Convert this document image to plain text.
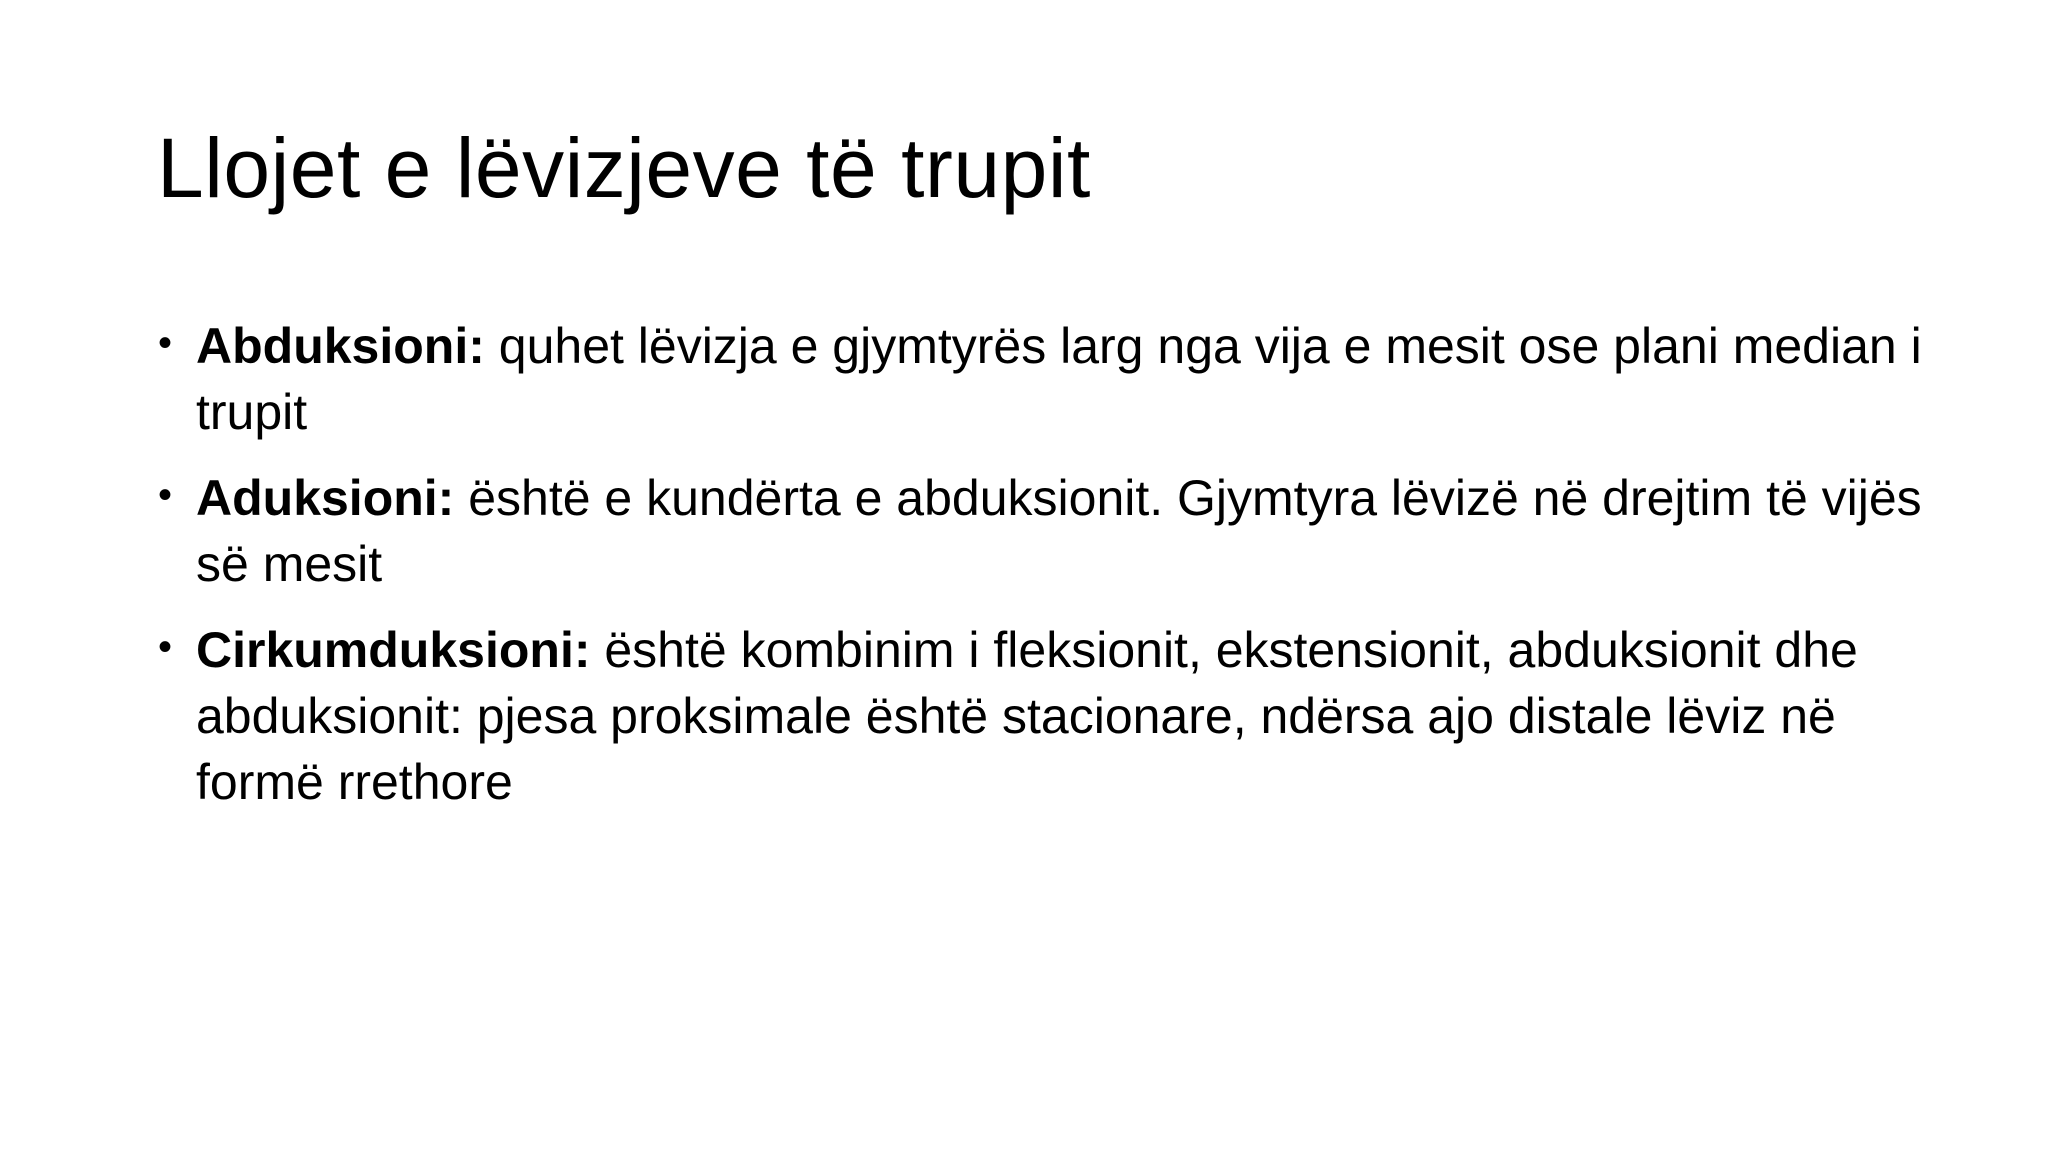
Llojet e lëvizjeve të trupit
• Abduksioni: quhet lëvizja e gjymtyrës larg nga vija e mesit ose plani median i trupit
• Aduksioni: është e kundërta e abduksionit. Gjymtyra lëvizë në drejtim të vijës së mesit
• Cirkumduksioni: është kombinim i fleksionit, ekstensionit, abduksionit dhe abduksionit: pjesa proksimale është stacionare, ndërsa ajo distale lëviz në formë rrethore
